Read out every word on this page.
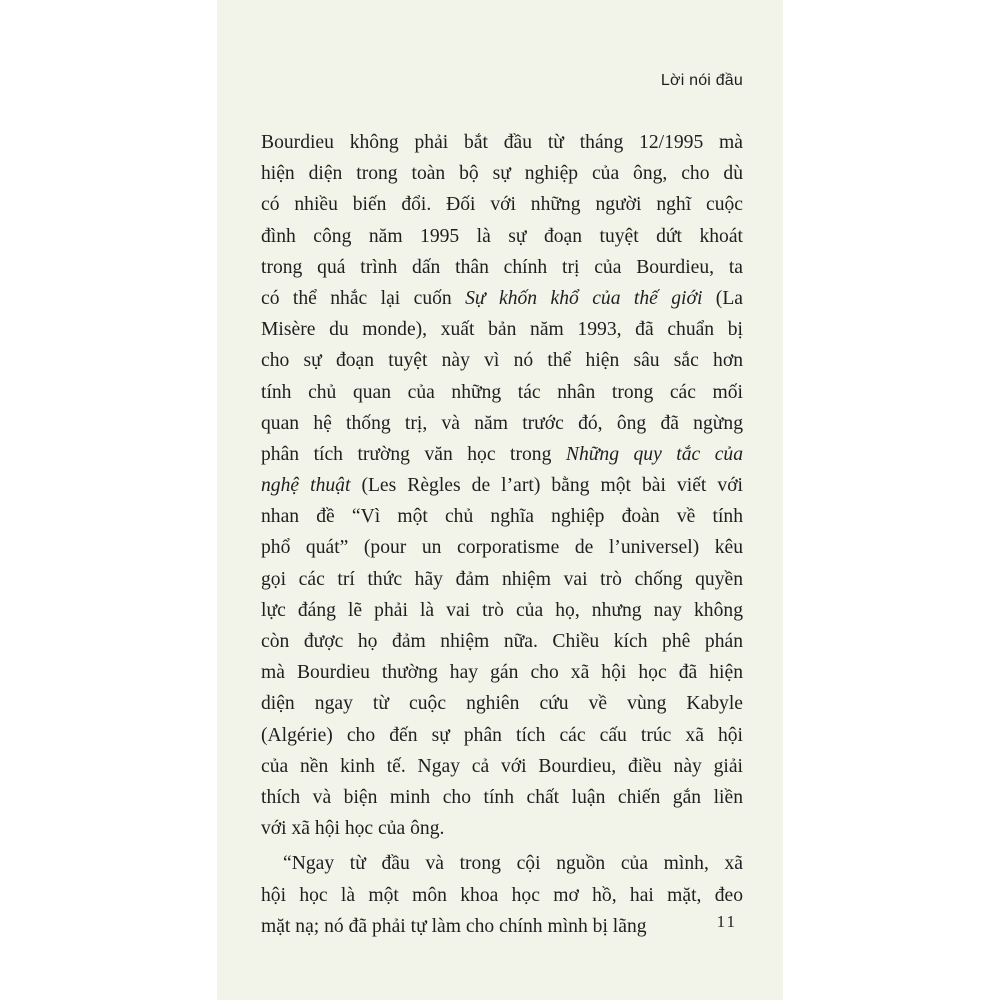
Lời nói đầu
Bourdieu không phải bắt đầu từ tháng 12/1995 mà
hiện diện trong toàn bộ sự nghiệp của ông, cho dù
có nhiều biến đổi. Đối với những người nghĩ cuộc
đình công năm 1995 là sự đoạn tuyệt dứt khoát
trong quá trình dấn thân chính trị của Bourdieu, ta
có thể nhắc lại cuốn Sự khốn khổ của thế giới (La
Misère du monde), xuất bản năm 1993, đã chuẩn bị
cho sự đoạn tuyệt này vì nó thể hiện sâu sắc hơn
tính chủ quan của những tác nhân trong các mối
quan hệ thống trị, và năm trước đó, ông đã ngừng
phân tích trường văn học trong Những quy tắc của
nghệ thuật (Les Règles de l’art) bằng một bài viết với
nhan đề “Vì một chủ nghĩa nghiệp đoàn về tính
phổ quát” (pour un corporatisme de l’universel) kêu
gọi các trí thức hãy đảm nhiệm vai trò chống quyền
lực đáng lẽ phải là vai trò của họ, nhưng nay không
còn được họ đảm nhiệm nữa. Chiều kích phê phán
mà Bourdieu thường hay gán cho xã hội học đã hiện
diện ngay từ cuộc nghiên cứu về vùng Kabyle
(Algérie) cho đến sự phân tích các cấu trúc xã hội
của nền kinh tế. Ngay cả với Bourdieu, điều này giải
thích và biện minh cho tính chất luận chiến gắn liền
với xã hội học của ông.
“Ngay từ đầu và trong cội nguồn của mình, xã
hội học là một môn khoa học mơ hồ, hai mặt, đeo
mặt nạ; nó đã phải tự làm cho chính mình bị lãng	11
